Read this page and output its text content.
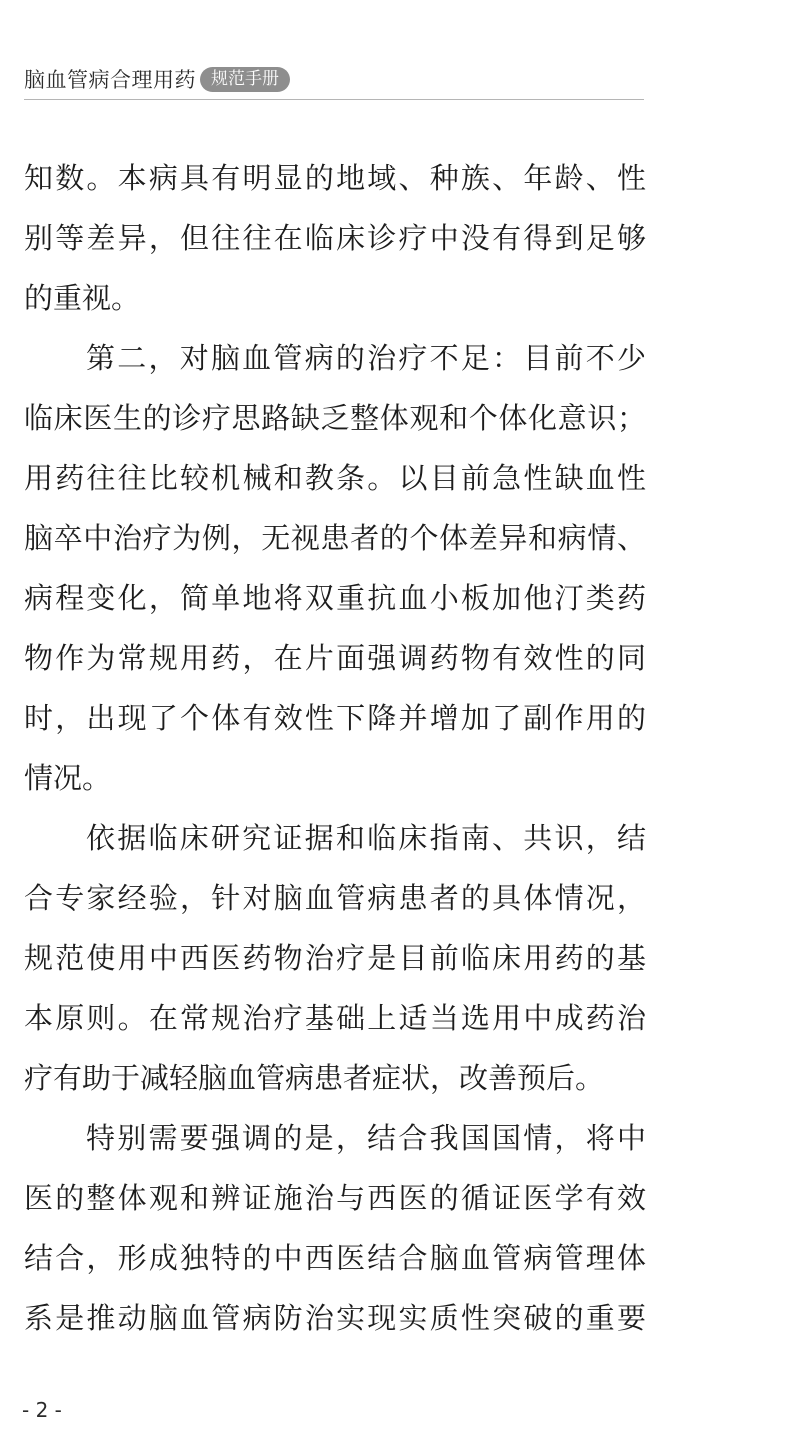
脑血管病合理用药 规范手册
知数。本病具有明显的地域、种族、年龄、性
别等差异，但往往在临床诊疗中没有得到足够
的重视。
第二，对脑血管病的治疗不足：目前不少
临床医生的诊疗思路缺乏整体观和个体化意识；
用药往往比较机械和教条。以目前急性缺血性
脑卒中治疗为例，无视患者的个体差异和病情、
病程变化，简单地将双重抗血小板加他汀类药
物作为常规用药，在片面强调药物有效性的同
时，出现了个体有效性下降并增加了副作用的
情况。
依据临床研究证据和临床指南、共识，结
合专家经验，针对脑血管病患者的具体情况，
规范使用中西医药物治疗是目前临床用药的基
本原则。在常规治疗基础上适当选用中成药治
疗有助于减轻脑血管病患者症状，改善预后。
特别需要强调的是，结合我国国情，将中
医的整体观和辨证施治与西医的循证医学有效
结合，形成独特的中西医结合脑血管病管理体
系是推动脑血管病防治实现实质性突破的重要
- 2 -
